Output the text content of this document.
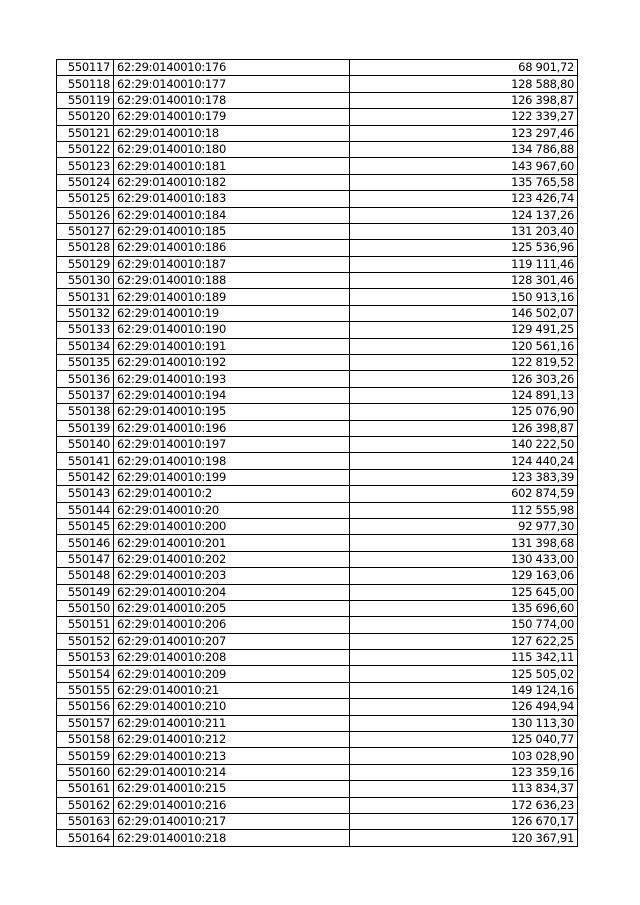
550117	62:29:0140010:176	68 901,72
550118	62:29:0140010:177	128 588,80
550119	62:29:0140010:178	126 398,87
550120	62:29:0140010:179	122 339,27
550121	62:29:0140010:18	123 297,46
550122	62:29:0140010:180	134 786,88
550123	62:29:0140010:181	143 967,60
550124	62:29:0140010:182	135 765,58
550125	62:29:0140010:183	123 426,74
550126	62:29:0140010:184	124 137,26
550127	62:29:0140010:185	131 203,40
550128	62:29:0140010:186	125 536,96
550129	62:29:0140010:187	119 111,46
550130	62:29:0140010:188	128 301,46
550131	62:29:0140010:189	150 913,16
550132	62:29:0140010:19	146 502,07
550133	62:29:0140010:190	129 491,25
550134	62:29:0140010:191	120 561,16
550135	62:29:0140010:192	122 819,52
550136	62:29:0140010:193	126 303,26
550137	62:29:0140010:194	124 891,13
550138	62:29:0140010:195	125 076,90
550139	62:29:0140010:196	126 398,87
550140	62:29:0140010:197	140 222,50
550141	62:29:0140010:198	124 440,24
550142	62:29:0140010:199	123 383,39
550143	62:29:0140010:2	602 874,59
550144	62:29:0140010:20	112 555,98
550145	62:29:0140010:200	92 977,30
550146	62:29:0140010:201	131 398,68
550147	62:29:0140010:202	130 433,00
550148	62:29:0140010:203	129 163,06
550149	62:29:0140010:204	125 645,00
550150	62:29:0140010:205	135 696,60
550151	62:29:0140010:206	150 774,00
550152	62:29:0140010:207	127 622,25
550153	62:29:0140010:208	115 342,11
550154	62:29:0140010:209	125 505,02
550155	62:29:0140010:21	149 124,16
550156	62:29:0140010:210	126 494,94
550157	62:29:0140010:211	130 113,30
550158	62:29:0140010:212	125 040,77
550159	62:29:0140010:213	103 028,90
550160	62:29:0140010:214	123 359,16
550161	62:29:0140010:215	113 834,37
550162	62:29:0140010:216	172 636,23
550163	62:29:0140010:217	126 670,17
550164	62:29:0140010:218	120 367,91
